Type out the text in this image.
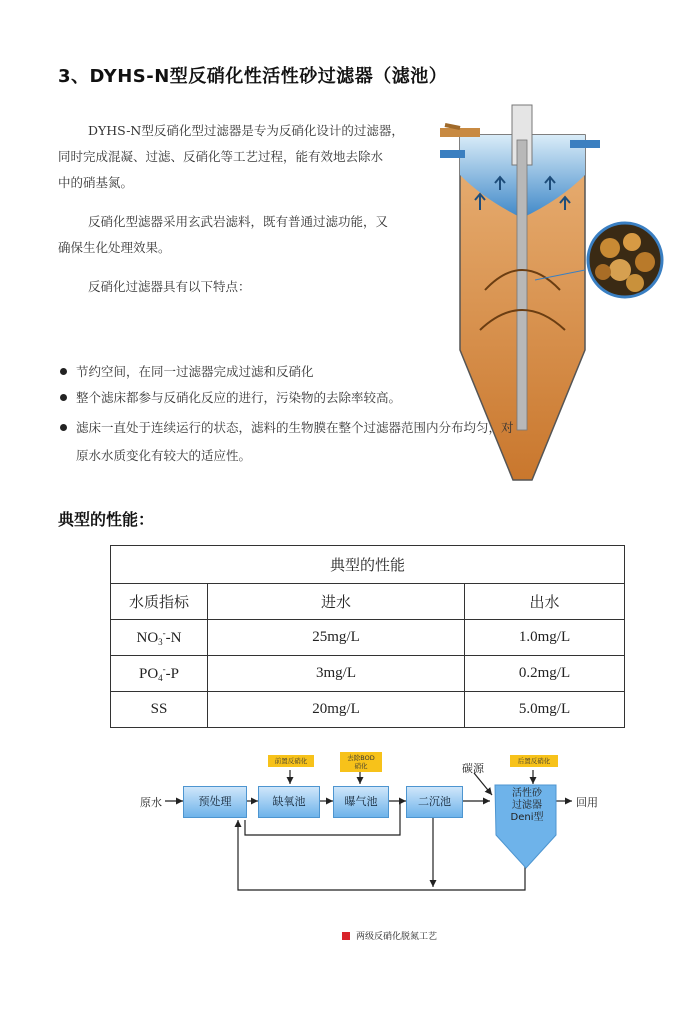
3、DYHS-N型反硝化性活性砂过滤器（滤池）
DYHS-N型反硝化型过滤器是专为反硝化设计的过滤器，
同时完成混凝、过滤、反硝化等工艺过程，能有效地去除水
中的硝基氮。
反硝化型滤器采用玄武岩滤料，既有普通过滤功能，又
确保生化处理效果。
反硝化过滤器具有以下特点：
节约空间，在同一过滤器完成过滤和反硝化
整个滤床都参与反硝化反应的进行，污染物的去除率较高。
滤床一直处于连续运行的状态，滤料的生物膜在整个过滤器范围内分布均匀，对
原水水质变化有较大的适应性。
典型的性能：
典型的性能		
水质指标	进水	出水
$NO_3^--N$	25mg/L	1.0mg/L
$PO_4^--P$	3mg/L	0.2mg/L
SS	20mg/L	5.0mg/L
原水	预处理	缺氧池	曝气池	二沉池
前置反硝化	去除BOD
硝化
后置反硝化
碳源
活性砂
过滤器
Deni型
回用
两级反硝化脱氮工艺
